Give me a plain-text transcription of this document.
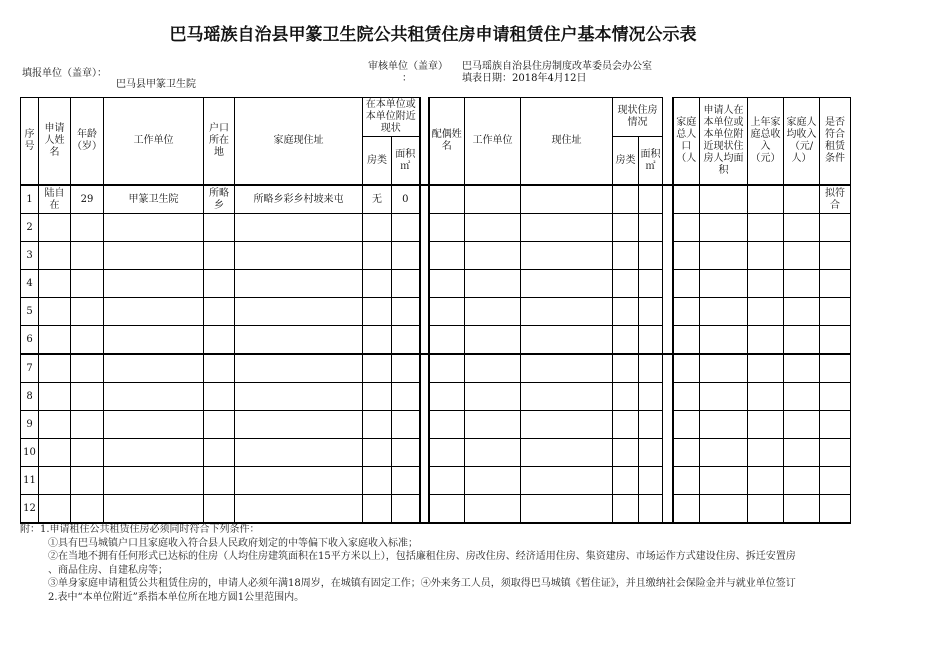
巴马瑶族自治县甲篆卫生院公共租赁住房申请租赁住户基本情况公示表
填报单位（盖章）：
巴马县甲篆卫生院
审核单位（盖章）
：
巴马瑶族自治县住房制度改革委员会办公室
填表日期：2018年4月12日
序号	申请人姓名	年龄（岁）	工作单位	户口所在地	家庭现住址	在本单位或本单位附近现状			配偶姓名	工作单位	现住址	现状住房情况			家庭总人口（人	申请人在本单位或本单位附近现状住房人均面积	上年家庭总收入（元）	家庭人均收入（元/人）	是否符合租赁条件
						房类	面积㎡					房类	面积㎡						
1	陆自在	29	甲篆卫生院	所略乡	所略乡彩乡村坡来屯	无	0												拟符合
2																			
3																			
4																			
5																			
6																			
7																			
8																			
9																			
10																			
11																			
12																			
附：1.申请租住公共租赁住房必须同时符合下列条件：
①具有巴马城镇户口且家庭收入符合县人民政府划定的中等偏下收入家庭收入标准；
②在当地不拥有任何形式已达标的住房（人均住房建筑面积在15平方米以上），包括廉租住房、房改住房、经济适用住房、集资建房、市场运作方式建设住房、拆迁安置房
、商品住房、自建私房等；
③单身家庭申请租赁公共租赁住房的，申请人必须年满18周岁，在城镇有固定工作；④外来务工人员，须取得巴马城镇《暂住证》，并且缴纳社会保险金并与就业单位签订
2.表中“本单位附近”系指本单位所在地方圆1公里范围内。
